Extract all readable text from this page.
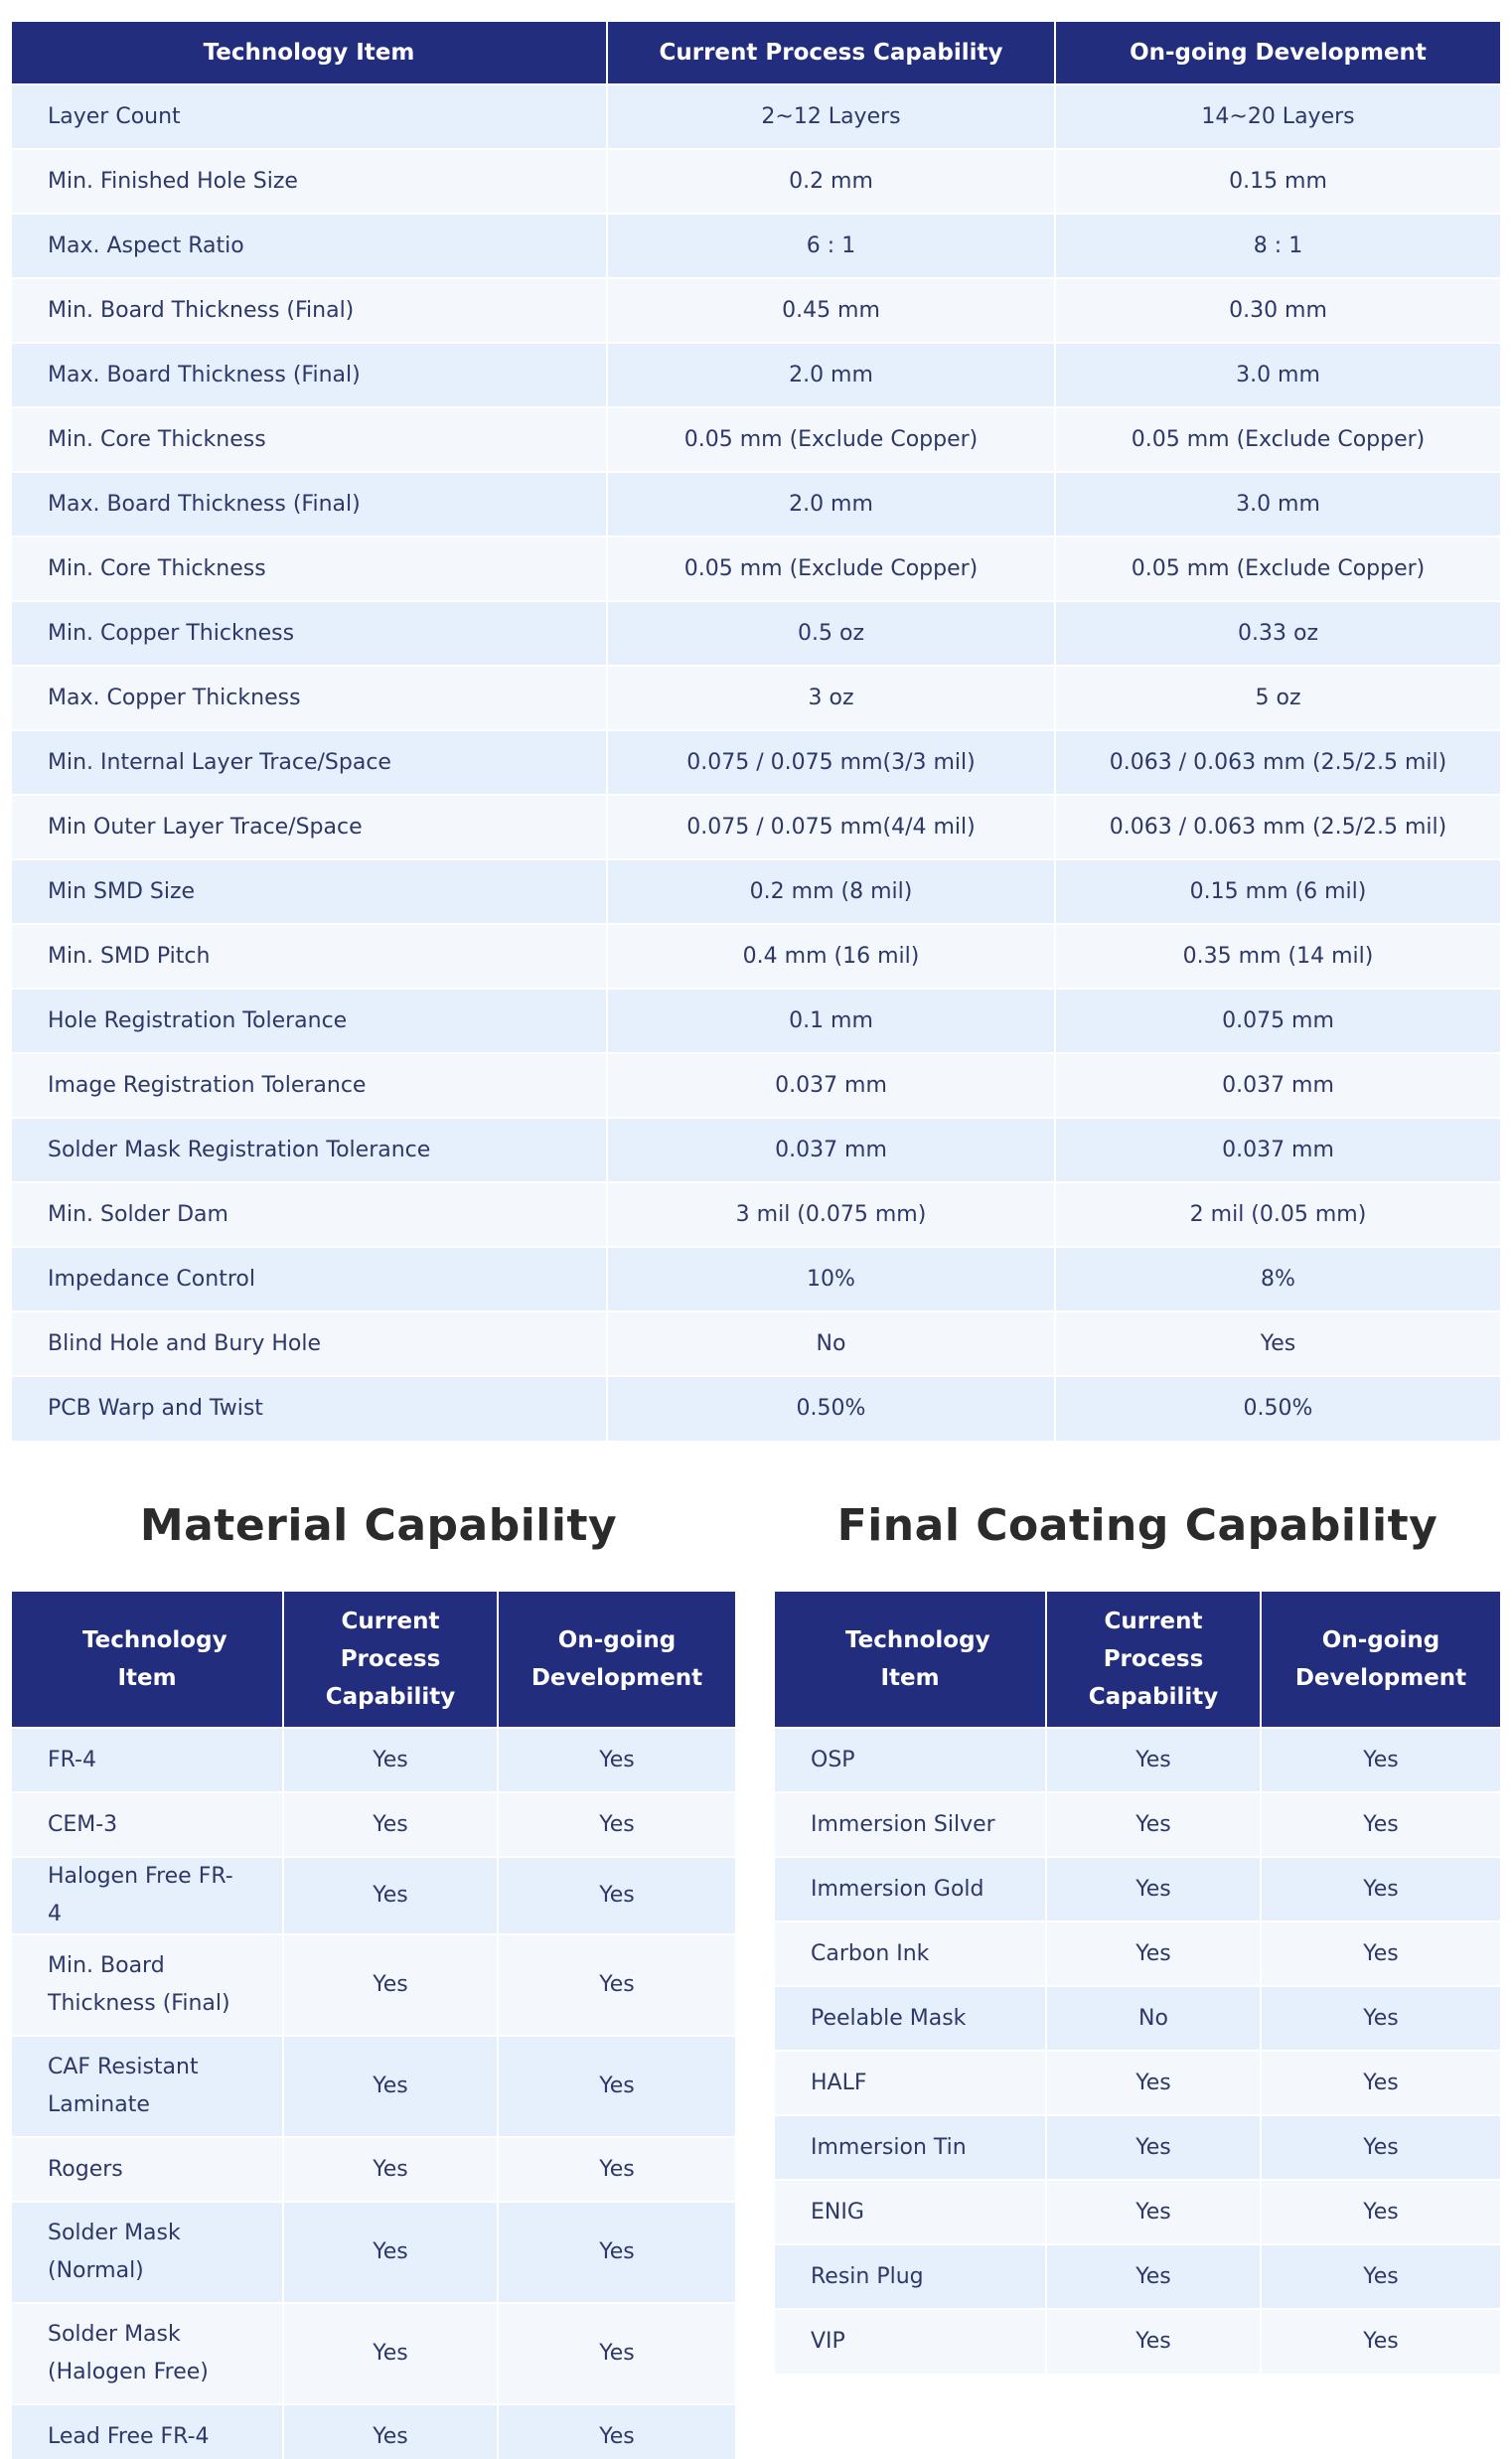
Technology Item	Current Process Capability	On-going Development
Layer Count	2~12 Layers	14~20 Layers
Min. Finished Hole Size	0.2 mm	0.15 mm
Max. Aspect Ratio	6 : 1	8 : 1
Min. Board Thickness (Final)	0.45 mm	0.30 mm
Max. Board Thickness (Final)	2.0 mm	3.0 mm
Min. Core Thickness	0.05 mm (Exclude Copper)	0.05 mm (Exclude Copper)
Max. Board Thickness (Final)	2.0 mm	3.0 mm
Min. Core Thickness	0.05 mm (Exclude Copper)	0.05 mm (Exclude Copper)
Min. Copper Thickness	0.5 oz	0.33 oz
Max. Copper Thickness	3 oz	5 oz
Min. Internal Layer Trace/Space	0.075 / 0.075 mm(3/3 mil)	0.063 / 0.063 mm (2.5/2.5 mil)
Min Outer Layer Trace/Space	0.075 / 0.075 mm(4/4 mil)	0.063 / 0.063 mm (2.5/2.5 mil)
Min SMD Size	0.2 mm (8 mil)	0.15 mm (6 mil)
Min. SMD Pitch	0.4 mm (16 mil)	0.35 mm (14 mil)
Hole Registration Tolerance	0.1 mm	0.075 mm
Image Registration Tolerance	0.037 mm	0.037 mm
Solder Mask Registration Tolerance	0.037 mm	0.037 mm
Min. Solder Dam	3 mil (0.075 mm)	2 mil (0.05 mm)
Impedance Control	10%	8%
Blind Hole and Bury Hole	No	Yes
PCB Warp and Twist	0.50%	0.50%
Material Capability	Final Coating Capability
Technology Item	Current Process Capability	On-going Development
FR-4	Yes	Yes
CEM-3	Yes	Yes
Halogen Free FR-4	Yes	Yes
Min. Board Thickness (Final)	Yes	Yes
CAF Resistant Laminate	Yes	Yes
Rogers	Yes	Yes
Solder Mask (Normal)	Yes	Yes
Solder Mask (Halogen Free)	Yes	Yes
Lead Free FR-4	Yes	Yes
Technology Item	Current Process Capability	On-going Development
OSP	Yes	Yes
Immersion Silver	Yes	Yes
Immersion Gold	Yes	Yes
Carbon Ink	Yes	Yes
Peelable Mask	No	Yes
HALF	Yes	Yes
Immersion Tin	Yes	Yes
ENIG	Yes	Yes
Resin Plug	Yes	Yes
VIP	Yes	Yes
